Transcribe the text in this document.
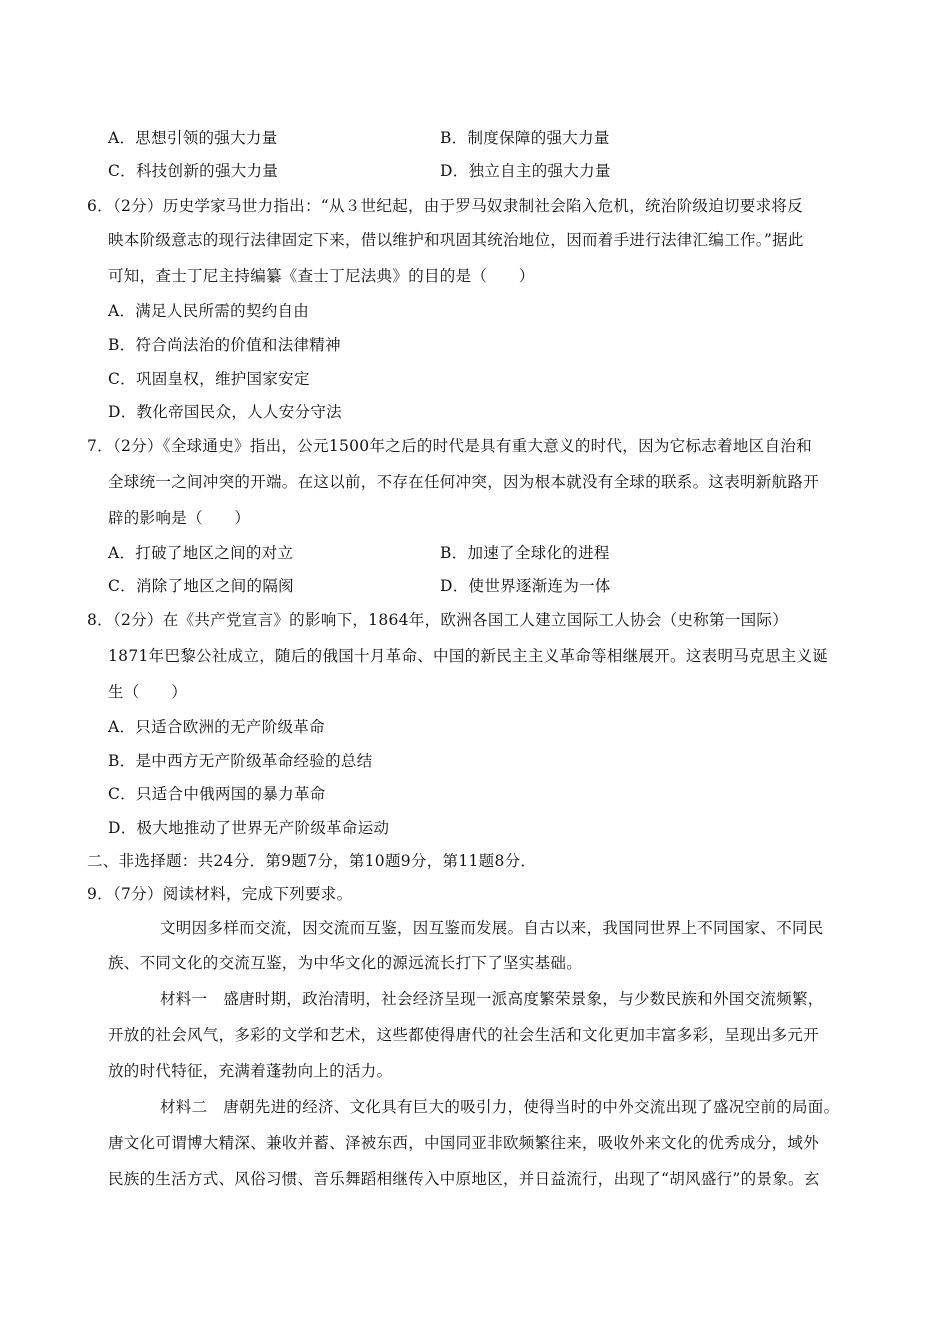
A．思想引领的强大力量	B．制度保障的强大力量
C．科技创新的强大力量	D．独立自主的强大力量
6．（2分）历史学家马世力指出：“从３世纪起，由于罗马奴隶制社会陷入危机，统治阶级迫切要求将反
映本阶级意志的现行法律固定下来，借以维护和巩固其统治地位，因而着手进行法律汇编工作。”据此
可知，查士丁尼主持编纂《查士丁尼法典》的目的是（　　）
A．满足人民所需的契约自由
B．符合尚法治的价值和法律精神
C．巩固皇权，维护国家安定
D．教化帝国民众，人人安分守法
7．（2分）《全球通史》指出，公元1500年之后的时代是具有重大意义的时代，因为它标志着地区自治和
全球统一之间冲突的开端。在这以前，不存在任何冲突，因为根本就没有全球的联系。这表明新航路开
辟的影响是（　　）
A．打破了地区之间的对立	B．加速了全球化的进程
C．消除了地区之间的隔阂	D．使世界逐渐连为一体
8．（2分）在《共产党宣言》的影响下，1864年，欧洲各国工人建立国际工人协会（史称第一国际）
1871年巴黎公社成立，随后的俄国十月革命、中国的新民主主义革命等相继展开。这表明马克思主义诞
生（　　）
A．只适合欧洲的无产阶级革命
B．是中西方无产阶级革命经验的总结
C．只适合中俄两国的暴力革命
D．极大地推动了世界无产阶级革命运动
二、非选择题：共24分．第9题7分，第10题9分，第11题8分．
9．（7分）阅读材料，完成下列要求。
文明因多样而交流，因交流而互鉴，因互鉴而发展。自古以来，我国同世界上不同国家、不同民
族、不同文化的交流互鉴，为中华文化的源远流长打下了坚实基础。
材料一　盛唐时期，政治清明，社会经济呈现一派高度繁荣景象，与少数民族和外国交流频繁，
开放的社会风气，多彩的文学和艺术，这些都使得唐代的社会生活和文化更加丰富多彩，呈现出多元开
放的时代特征，充满着蓬勃向上的活力。
材料二　唐朝先进的经济、文化具有巨大的吸引力，使得当时的中外交流出现了盛况空前的局面。
唐文化可谓博大精深、兼收并蓄、泽被东西，中国同亚非欧频繁往来，吸收外来文化的优秀成分，域外
民族的生活方式、风俗习惯、音乐舞蹈相继传入中原地区，并日益流行，出现了“胡风盛行”的景象。玄
